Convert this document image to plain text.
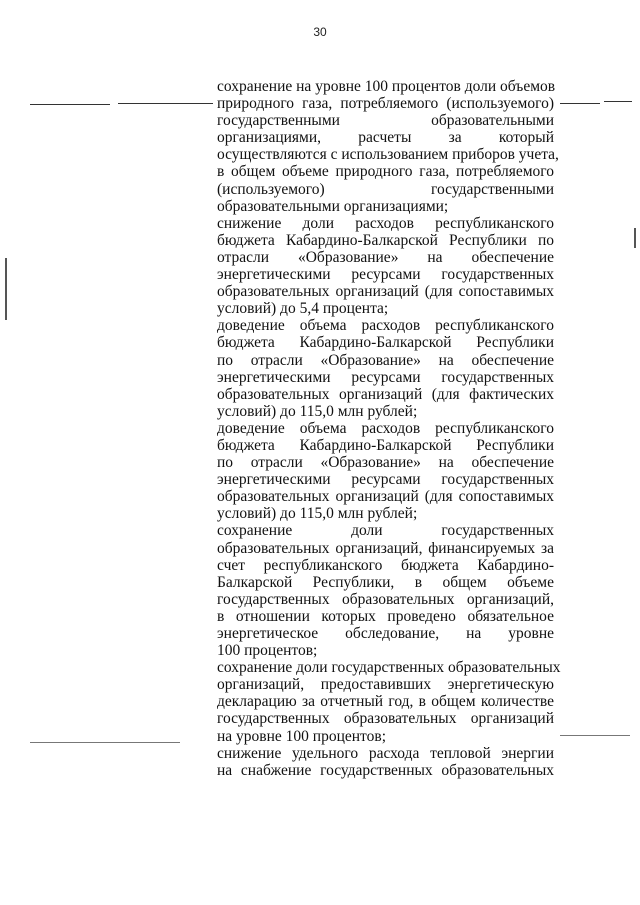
30
сохранение на уровне 100 процентов доли объемов
природного газа, потребляемого (используемого)
государственными образовательными
организациями, расчеты за который
осуществляются с использованием приборов учета,
в общем объеме природного газа, потребляемого
(используемого) государственными
образовательными организациями;
снижение доли расходов республиканского
бюджета Кабардино-Балкарской Республики по
отрасли «Образование» на обеспечение
энергетическими ресурсами государственных
образовательных организаций (для сопоставимых
условий) до 5,4 процента;
доведение объема расходов республиканского
бюджета Кабардино-Балкарской Республики
по отрасли «Образование» на обеспечение
энергетическими ресурсами государственных
образовательных организаций (для фактических
условий) до 115,0 млн рублей;
доведение объема расходов республиканского
бюджета Кабардино-Балкарской Республики
по отрасли «Образование» на обеспечение
энергетическими ресурсами государственных
образовательных организаций (для сопоставимых
условий) до 115,0 млн рублей;
сохранение доли государственных
образовательных организаций, финансируемых за
счет республиканского бюджета Кабардино-
Балкарской Республики, в общем объеме
государственных образовательных организаций,
в отношении которых проведено обязательное
энергетическое обследование, на уровне
100 процентов;
сохранение доли государственных образовательных
организаций, предоставивших энергетическую
декларацию за отчетный год, в общем количестве
государственных образовательных организаций
на уровне 100 процентов;
снижение удельного расхода тепловой энергии
на снабжение государственных образовательных
